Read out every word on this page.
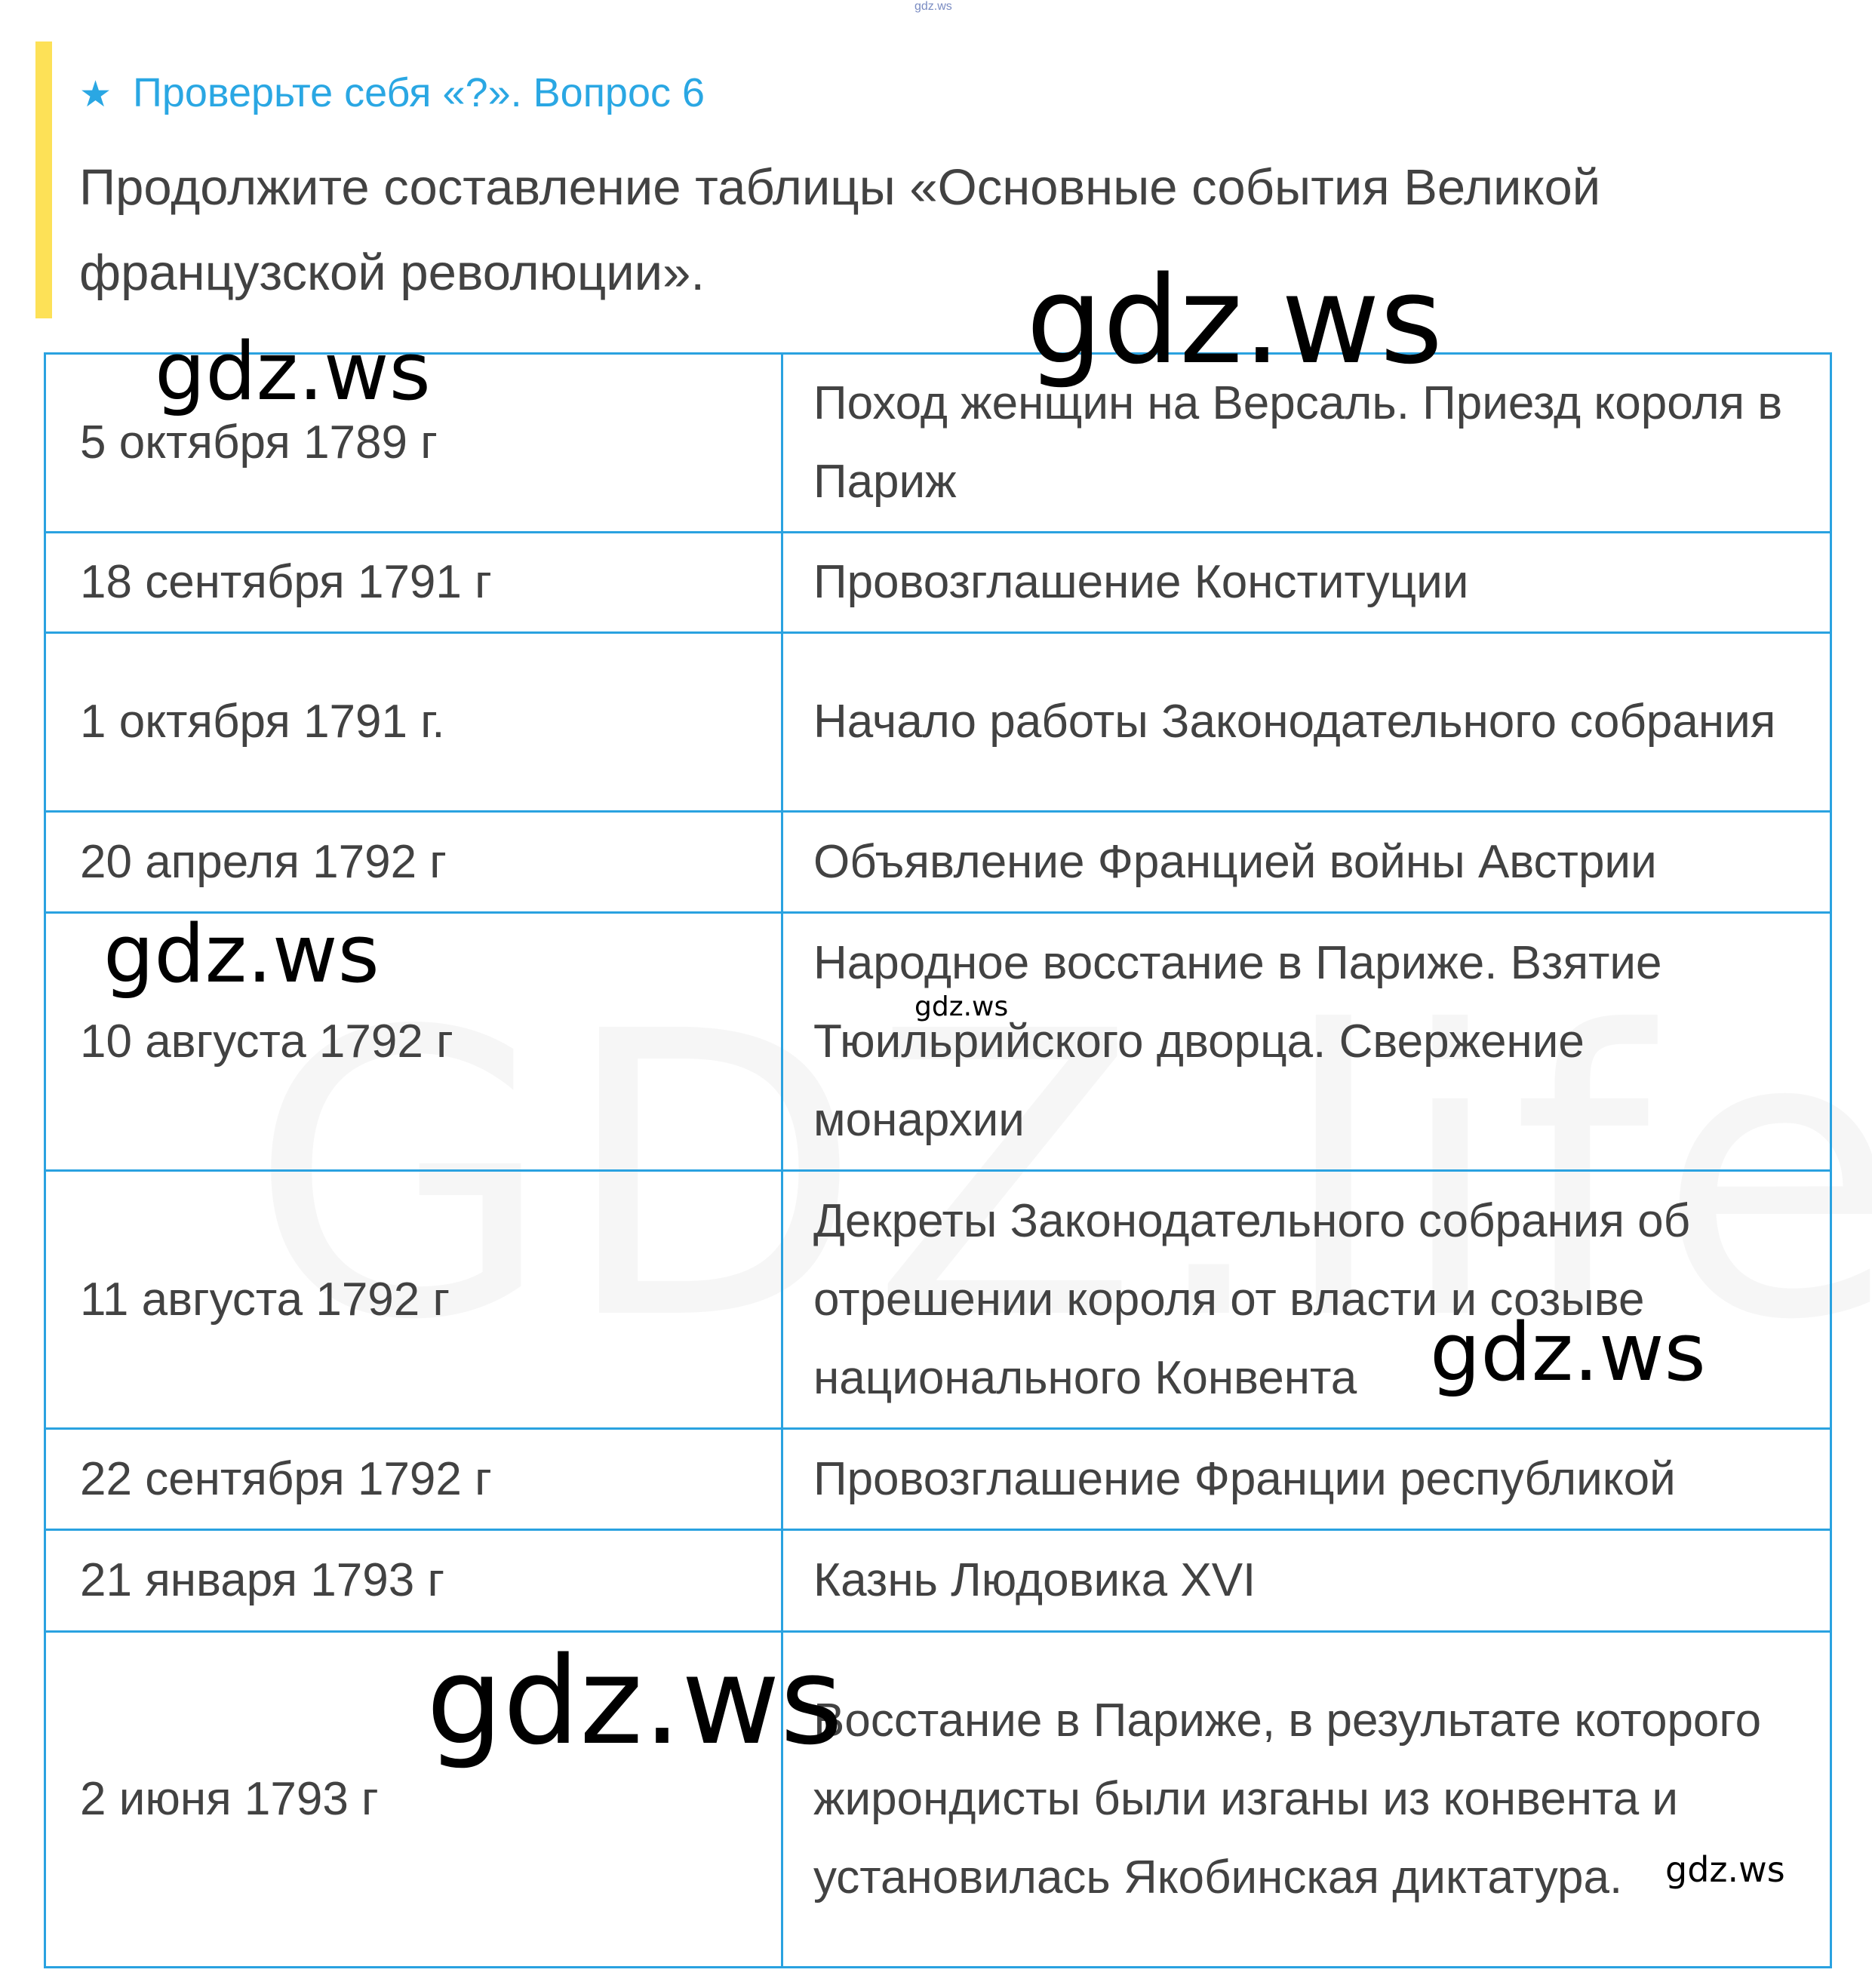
gdz.ws
★ Проверьте себя «?». Вопрос 6
Продолжите составление таблицы «Основные события Великой французской революции».
5 октября 1789 г	Поход женщин на Версаль. Приезд короля в Париж
18 сентября 1791 г	Провозглашение Конституции
1 октября 1791 г.	Начало работы Законодательного собрания
20 апреля 1792 г	Объявление Францией войны Австрии
10 августа 1792 г	Народное восстание в Париже. Взятие Тюильрийского дворца. Свержение монархии
11 августа 1792 г	Декреты Законодательного собрания об отрешении короля от власти и созыве национального Конвента
22 сентября 1792 г	Провозглашение Франции республикой
21 января 1793 г	Казнь Людовика XVI
2 июня 1793 г	Восстание в Париже, в результате которого жирондисты были изганы из конвента и установилась Якобинская диктатура.
gdz.ws
gdz.ws
gdz.ws
gdz.ws
gdz.ws
gdz.ws
gdz.ws
